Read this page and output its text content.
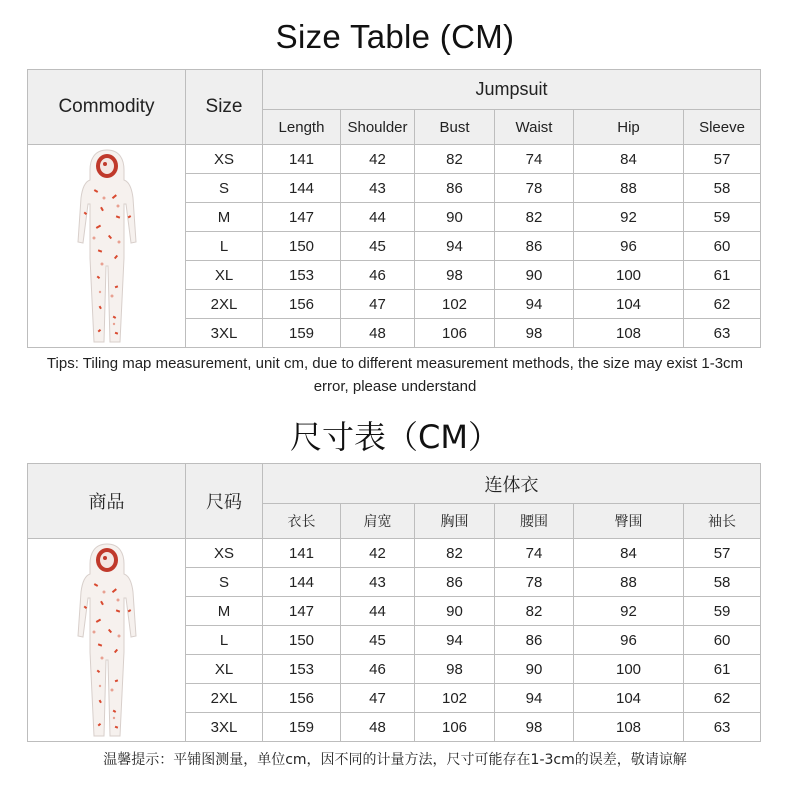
Size Table (CM)
Commodity	Size	Jumpsuit					
		Length	Shoulder	Bust	Waist	Hip	Sleeve

	XS	141	42	82	74	84	57
	S	144	43	86	78	88	58
	M	147	44	90	82	92	59
	L	150	45	94	86	96	60
	XL	153	46	98	90	100	61
	2XL	156	47	102	94	104	62
	3XL	159	48	106	98	108	63
Tips: Tiling map measurement, unit cm, due to different measurement methods, the size may exist 1-3cm error, please understand
尺寸表（CM）
商品	尺码	连体衣					
		衣长	肩宽	胸围	腰围	臀围	袖长

	XS	141	42	82	74	84	57
	S	144	43	86	78	88	58
	M	147	44	90	82	92	59
	L	150	45	94	86	96	60
	XL	153	46	98	90	100	61
	2XL	156	47	102	94	104	62
	3XL	159	48	106	98	108	63
温馨提示：平铺图测量，单位cm，因不同的计量方法，尺寸可能存在1-3cm的误差，敬请谅解
